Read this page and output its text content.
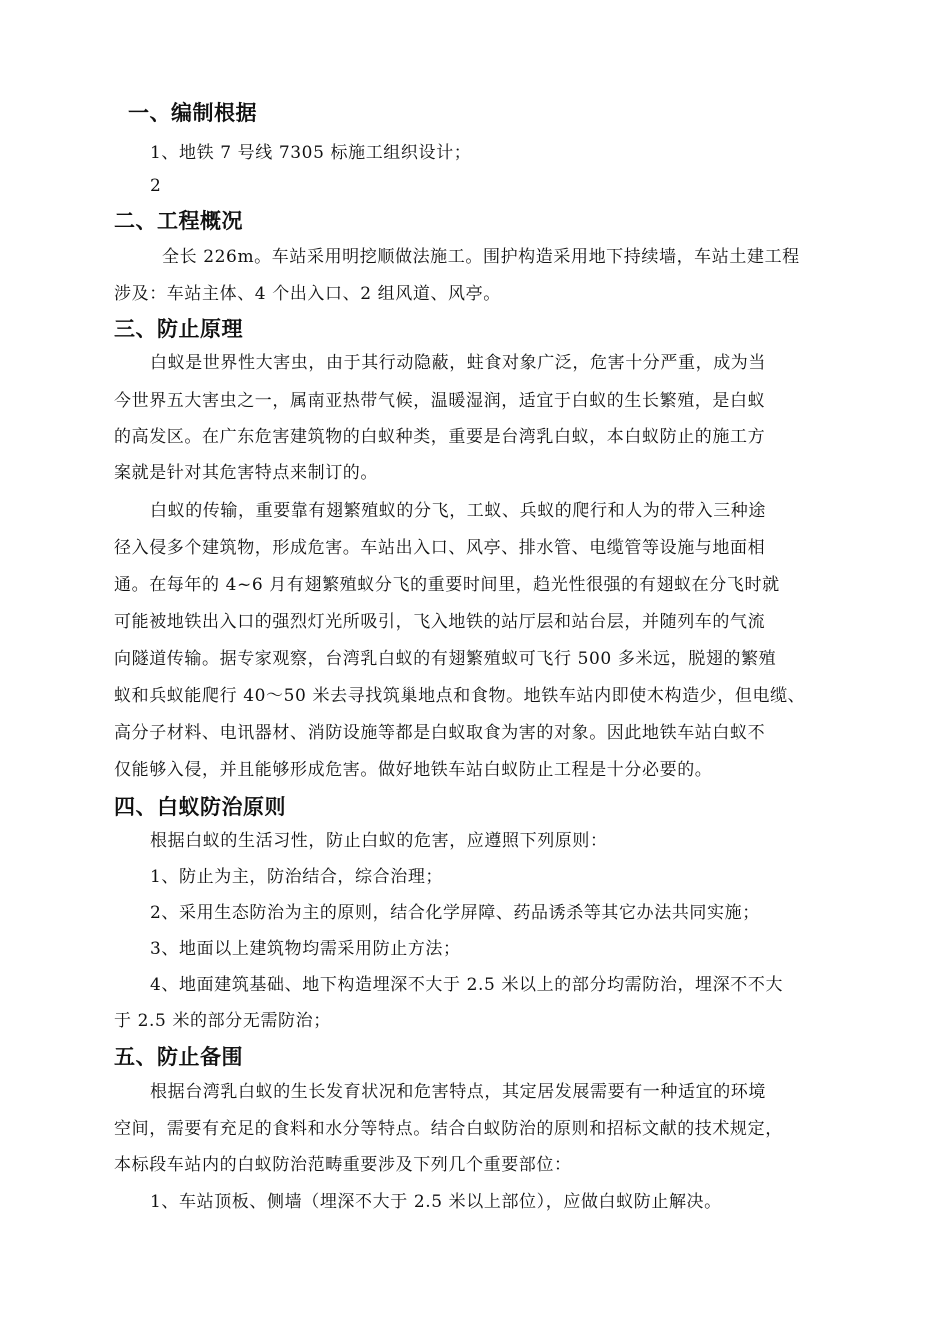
一、编制根据
1、地铁 7 号线 7305 标施工组织设计；
2
二、工程概况
全长 226m。车站采用明挖顺做法施工。围护构造采用地下持续墙，车站土建工程
涉及：车站主体、4 个出入口、2 组风道、风亭。
三、防止原理
白蚁是世界性大害虫，由于其行动隐蔽，蛀食对象广泛，危害十分严重，成为当
今世界五大害虫之一，属南亚热带气候，温暖湿润，适宜于白蚁的生长繁殖，是白蚁
的高发区。在广东危害建筑物的白蚁种类，重要是台湾乳白蚁，本白蚁防止的施工方
案就是针对其危害特点来制订的。
白蚁的传输，重要靠有翅繁殖蚁的分飞，工蚁、兵蚁的爬行和人为的带入三种途
径入侵多个建筑物，形成危害。车站出入口、风亭、排水管、电缆管等设施与地面相
通。在每年的 4~6 月有翅繁殖蚁分飞的重要时间里，趋光性很强的有翅蚁在分飞时就
可能被地铁出入口的强烈灯光所吸引，飞入地铁的站厅层和站台层，并随列车的气流
向隧道传输。据专家观察，台湾乳白蚁的有翅繁殖蚁可飞行 500 多米远，脱翅的繁殖
蚁和兵蚁能爬行 40～50 米去寻找筑巢地点和食物。地铁车站内即使木构造少，但电缆、
高分子材料、电讯器材、消防设施等都是白蚁取食为害的对象。因此地铁车站白蚁不
仅能够入侵，并且能够形成危害。做好地铁车站白蚁防止工程是十分必要的。
四、白蚁防治原则
根据白蚁的生活习性，防止白蚁的危害，应遵照下列原则：
1、防止为主，防治结合，综合治理；
2、采用生态防治为主的原则，结合化学屏障、药品诱杀等其它办法共同实施；
3、地面以上建筑物均需采用防止方法；
4、地面建筑基础、地下构造埋深不大于 2.5 米以上的部分均需防治，埋深不不大
于 2.5 米的部分无需防治；
五、防止备围
根据台湾乳白蚁的生长发育状况和危害特点，其定居发展需要有一种适宜的环境
空间，需要有充足的食料和水分等特点。结合白蚁防治的原则和招标文献的技术规定，
本标段车站内的白蚁防治范畴重要涉及下列几个重要部位：
1、车站顶板、侧墙（埋深不大于 2.5 米以上部位），应做白蚁防止解决。
